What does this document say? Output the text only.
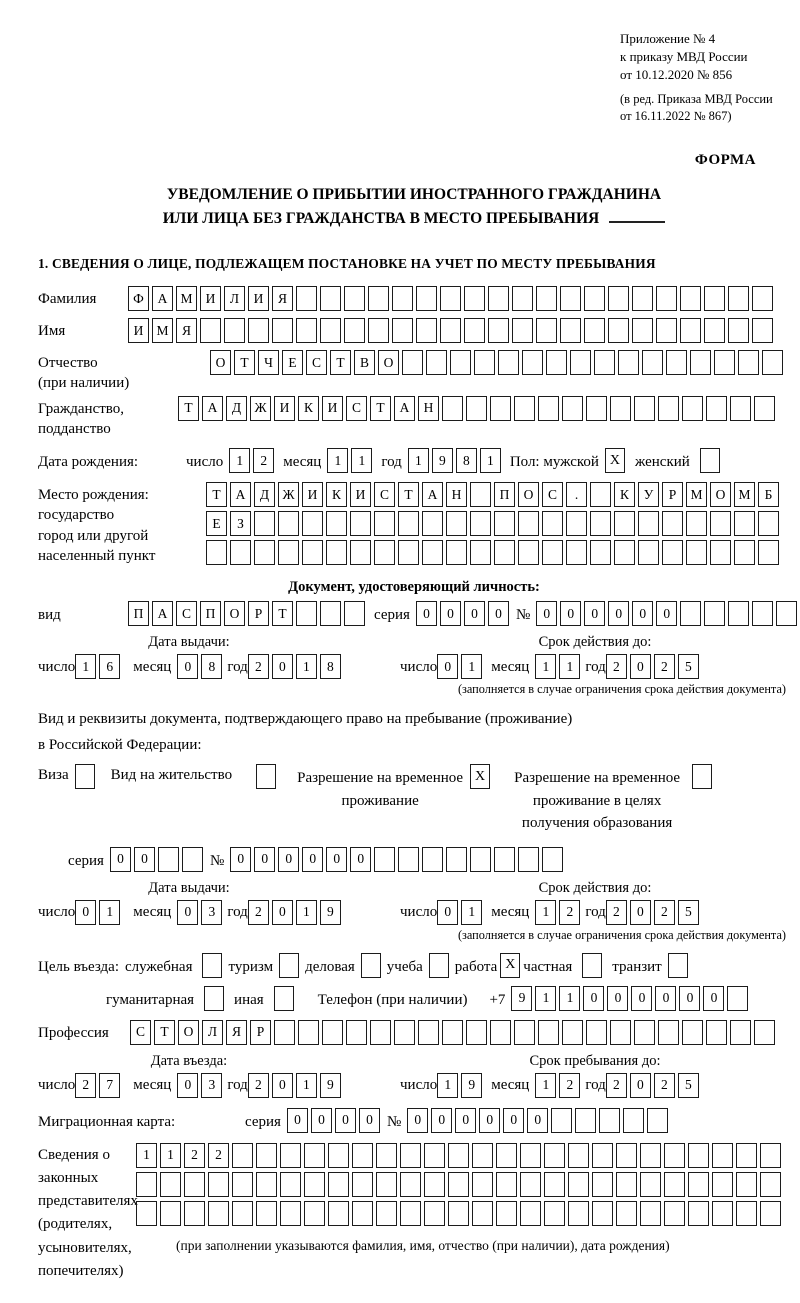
Приложение № 4
к приказу МВД России
от 10.12.2020 № 856
(в ред. Приказа МВД России
от 16.11.2022 № 867)
ФОРМА
УВЕДОМЛЕНИЕ О ПРИБЫТИИ ИНОСТРАННОГО ГРАЖДАНИНА
ИЛИ ЛИЦА БЕЗ ГРАЖДАНСТВА В МЕСТО ПРЕБЫВАНИЯ
1. СВЕДЕНИЯ О ЛИЦЕ, ПОДЛЕЖАЩЕМ ПОСТАНОВКЕ НА УЧЕТ ПО МЕСТУ ПРЕБЫВАНИЯ
Фамилия	Ф	А М И	Л	И	Я
Имя	И М Я
Отчество
(при наличии)
О	Т	Ч	Е	С	Т	В	О
Гражданство,
подданство
Т	А	Д Ж И	К	И	С	Т	А	Н
Дата рождения:	число 1	2	месяц 1	1	год 1	9	8	1	Пол: мужской X женский
Место рождения:
государство
город или другой
населенный пункт
Т	А	Д Ж И	К	И	С	Т	А	Н	П	О	С	.	К	У	Р	М О М	Б
Е	З
Документ, удостоверяющий личность:
вид	П	А	С	П	О	Р	Т	серия 0	0	0	0 № 0	0	0	0	0	0
Дата выдачи:
число 1	6	месяц 0	8 год 2	0	1	8
Срок действия до:
число 0	1	месяц 1	1 год 2	0	2	5
(заполняется в случае ограничения срока действия документа)
Вид и реквизиты документа, подтверждающего право на пребывание (проживание)
в Российской Федерации:
Виза	Вид на жительство	Разрешение на временное проживание
X	Разрешение на временное проживание в целях получения образования
серия 0	0	№ 0	0	0	0	0	0
Дата выдачи:
число 0	1	месяц 0	3 год 2	0	1	9
Срок действия до:
число 0	1	месяц 1	2 год 2	0	2	5
(заполняется в случае ограничения срока действия документа)
Цель въезда: служебная туризм деловая учеба работа X частная	транзит
гуманитарная	иная	Телефон (при наличии) +7 9	1	1	0	0	0	0	0	0
Профессия	С	Т	О	Л	Я	Р
Дата въезда:
число 2	7	месяц 0	3 год 2	0	1	9
Срок пребывания до:
число 1	9	месяц 1	2 год 2	0	2	5
Миграционная карта:	серия 0	0	0	0 № 0	0	0	0	0	0
Сведения о законных представителях (родителях, усыновителях, попечителях)
1	1	2	2
(при заполнении указываются фамилия, имя, отчество (при наличии), дата рождения)
